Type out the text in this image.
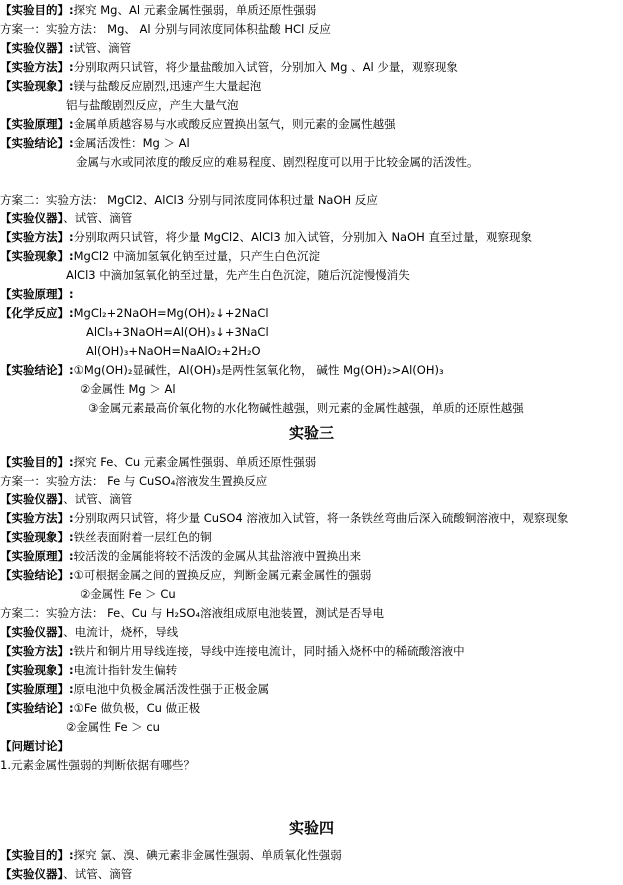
【实验目的】:探究 Mg、Al 元素金属性强弱，单质还原性强弱
方案一：实验方法： Mg、 Al 分别与同浓度同体积盐酸 HCl 反应
【实验仪器】:试管、滴管
【实验方法】:分别取两只试管，将少量盐酸加入试管，分别加入 Mg 、Al 少量，观察现象
【实验现象】:镁与盐酸反应剧烈,迅速产生大量起泡
铝与盐酸剧烈反应，产生大量气泡
【实验原理】:金属单质越容易与水或酸反应置换出氢气，则元素的金属性越强
【实验结论】:金属活泼性：Mg ＞ Al
金属与水或同浓度的酸反应的难易程度、剧烈程度可以用于比较金属的活泼性。
方案二：实验方法： MgCl2、AlCl3 分别与同浓度同体积过量 NaOH 反应
【实验仪器】、试管、滴管
【实验方法】:分别取两只试管，将少量 MgCl2、AlCl3 加入试管，分别加入 NaOH 直至过量，观察现象
【实验现象】:MgCl2 中滴加氢氧化钠至过量，只产生白色沉淀
AlCl3 中滴加氢氧化钠至过量，先产生白色沉淀，随后沉淀慢慢消失
【实验原理】:
【化学反应】:MgCl₂+2NaOH=Mg(OH)₂↓+2NaCl
AlCl₃+3NaOH=Al(OH)₃↓+3NaCl
Al(OH)₃+NaOH=NaAlO₂+2H₂O
【实验结论】:①Mg(OH)₂显碱性，Al(OH)₃是两性氢氧化物， 碱性 Mg(OH)₂>Al(OH)₃
②金属性 Mg ＞ Al
③金属元素最高价氧化物的水化物碱性越强，则元素的金属性越强，单质的还原性越强
实验三
【实验目的】:探究 Fe、Cu 元素金属性强弱、单质还原性强弱
方案一：实验方法： Fe 与 CuSO₄溶液发生置换反应
【实验仪器】、试管、滴管
【实验方法】:分别取两只试管，将少量 CuSO4 溶液加入试管，将一条铁丝弯曲后深入硫酸铜溶液中，观察现象
【实验现象】:铁丝表面附着一层红色的铜
【实验原理】:较活泼的金属能将较不活泼的金属从其盐溶液中置换出来
【实验结论】:①可根据金属之间的置换反应，判断金属元素金属性的强弱
②金属性 Fe ＞ Cu
方案二：实验方法： Fe、Cu 与 H₂SO₄溶液组成原电池装置，测试是否导电
【实验仪器】、电流计，烧杯，导线
【实验方法】:铁片和铜片用导线连接，导线中连接电流计，同时插入烧杯中的稀硫酸溶液中
【实验现象】:电流计指针发生偏转
【实验原理】:原电池中负极金属活泼性强于正极金属
【实验结论】:①Fe 做负极，Cu 做正极
②金属性 Fe ＞ cu
【问题讨论】
1.元素金属性强弱的判断依据有哪些？
实验四
【实验目的】:探究 氯、溴、碘元素非金属性强弱、单质氧化性强弱
【实验仪器】、试管、滴管
